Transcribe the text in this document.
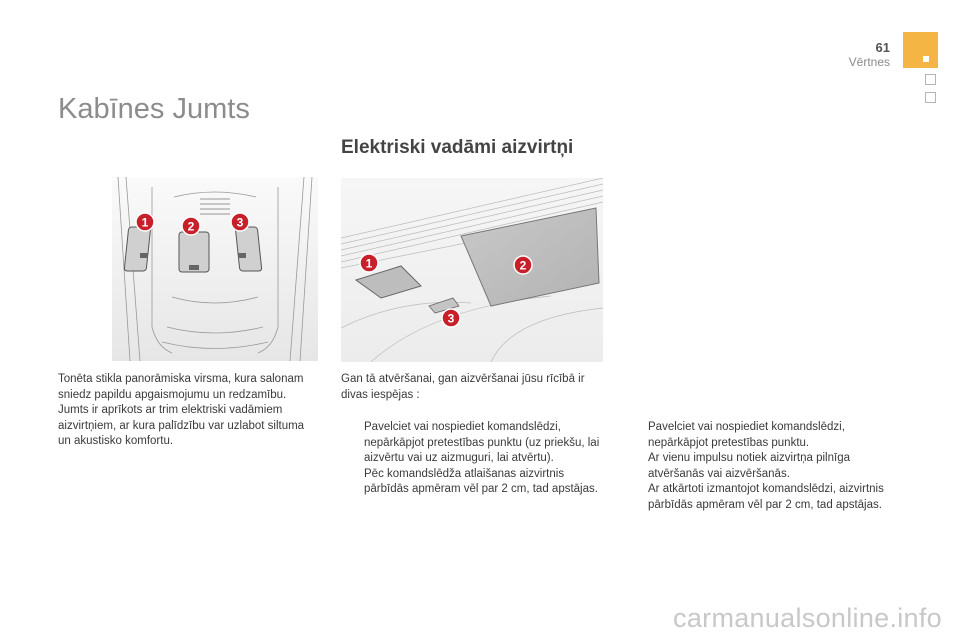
61
Vērtnes
Kabīnes Jumts
Elektriski vadāmi aizvirtņi
1	2	3
1	2
3

Tonēta stikla panorāmiska virsma, kura salonam sniedz papildu apgaismojumu un redzamību.

Jumts ir aprīkots ar trim elektriski vadāmiem aizvirtņiem, ar kura palīdzību var uzlabot siltuma un akustisko komfortu.

Gan tā atvēršanai, gan aizvēršanai jūsu rīcībā ir divas iespējas :

Pavelciet vai nospiediet komandslēdzi, nepārkāpjot pretestības punktu (uz priekšu, lai aizvērtu vai uz aizmuguri, lai atvērtu).

Pēc komandslēdža atlaišanas aizvirtnis pārbīdās apmēram vēl par 2 cm, tad apstājas.

Pavelciet vai nospiediet komandslēdzi, nepārkāpjot pretestības punktu.

Ar vienu impulsu notiek aizvirtņa pilnīga atvēršanās vai aizvēršanās.

Ar atkārtoti izmantojot komandslēdzi, aizvirtnis pārbīdās apmēram vēl par 2 cm, tad apstājas.

carmanualsonline.info
